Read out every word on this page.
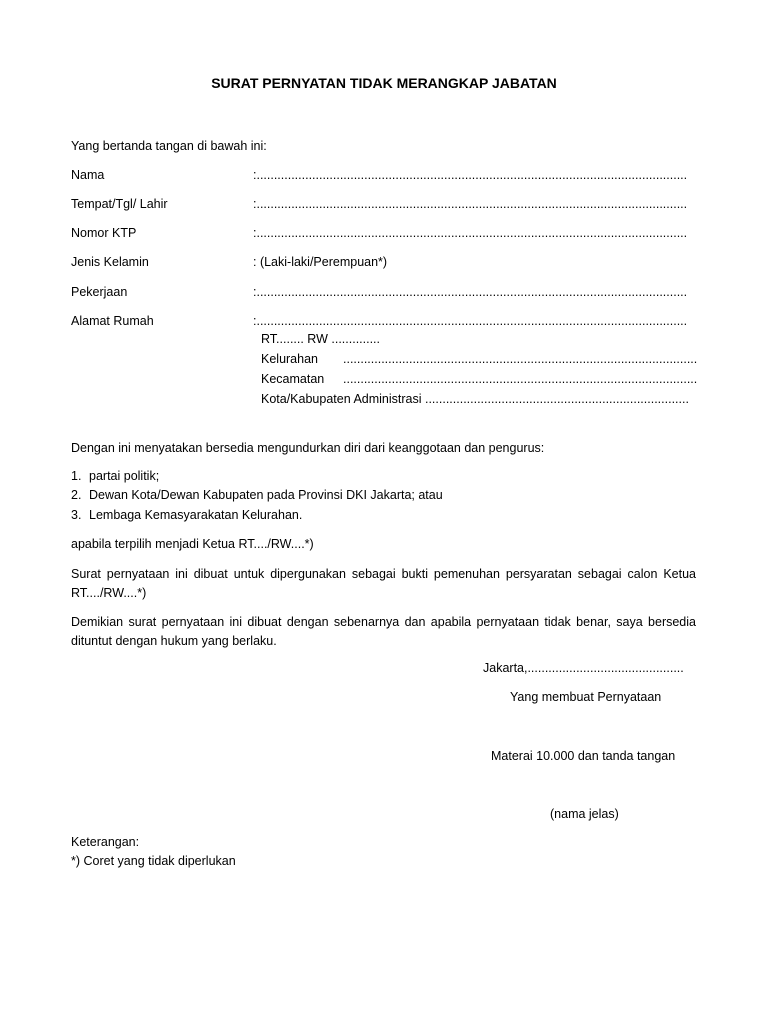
SURAT PERNYATAN TIDAK MERANGKAP JABATAN
Yang bertanda tangan di bawah ini:
Nama	:............................................................................................................................
Tempat/Tgl/ Lahir	:............................................................................................................................
Nomor KTP	:............................................................................................................................
Jenis Kelamin	: (Laki-laki/Perempuan*)
Pekerjaan	:............................................................................................................................
Alamat Rumah	:............................................................................................................................
RT........ RW ..............
Kelurahan ......................................................................................................
Kecamatan ......................................................................................................
Kota/Kabupaten Administrasi ............................................................................
Dengan ini menyatakan bersedia mengundurkan diri dari keanggotaan dan pengurus:
1. partai politik;
2. Dewan Kota/Dewan Kabupaten pada Provinsi DKI Jakarta; atau
3. Lembaga Kemasyarakatan Kelurahan.
apabila terpilih menjadi Ketua RT..../RW....*)
Surat pernyataan ini dibuat untuk dipergunakan sebagai bukti pemenuhan persyaratan sebagai calon Ketua RT..../RW....*)
Demikian surat pernyataan ini dibuat dengan sebenarnya dan apabila pernyataan tidak benar, saya bersedia dituntut dengan hukum yang berlaku.
Jakarta,.............................................
Yang membuat Pernyataan
Materai 10.000 dan tanda tangan
(nama jelas)
Keterangan:
*) Coret yang tidak diperlukan
